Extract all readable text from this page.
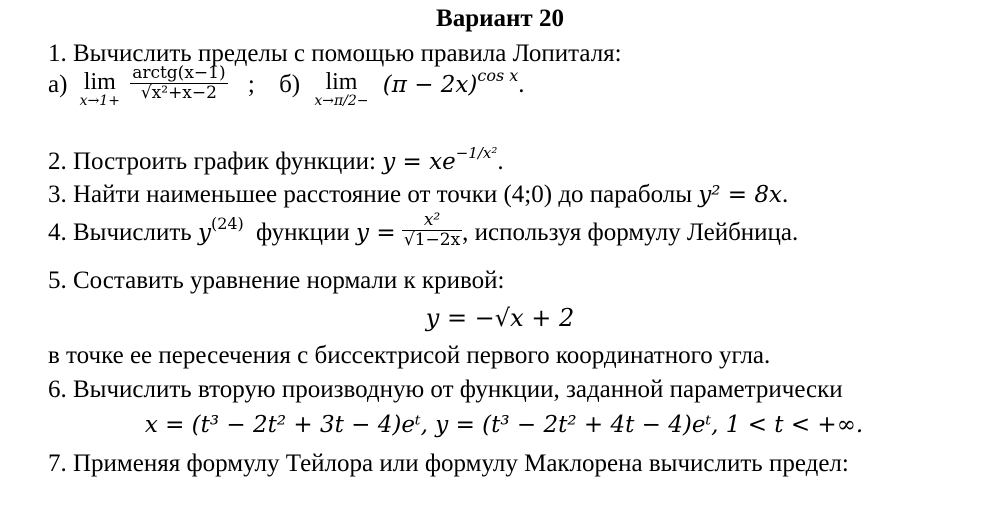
Вариант 20
1. Вычислить пределы с помощью правила Лопиталя:
а) lim
x→1+
$\frac{\text{arctg(x−1)}}{\text{√x²+x−2}}$ ; б)	lim
x→π/2−
$(\pi - 2x)^{cos x}$.
2. Построить график функции: $y = xe^{-1/x^2}$.
3. Найти наименьшее расстояние от точки (4;0) до параболы y² = 8x.
4. Вычислить $y^{(24)}$ функции $y = \frac{\text{x²}}{√1-2x}$ , используя формулу Лейбница.
5. Составить уравнение нормали к кривой:
y = −√x + 2
в точке ее пересечения с биссектрисой первого координатного угла.
6. Вычислить вторую производную от функции, заданной параметрически
x = (t³ − 2t² + 3t − 4)eᵗ, y = (t³ − 2t² + 4t − 4)eᵗ, 1 < t < +∞.
7. Применяя формулу Тейлора или формулу Маклорена вычислить предел:
